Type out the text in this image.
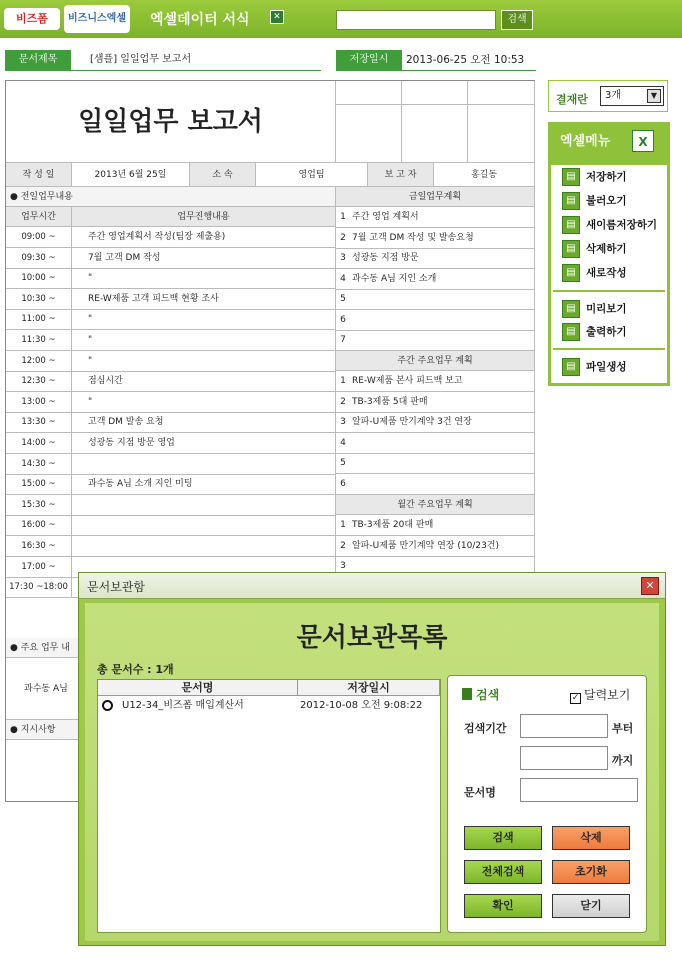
비즈폼	비즈니스엑셀 엑셀데이터 서식	✕	검색
문서제목	[샘플] 일일업무 보고서	저장일시	2013-06-25 오전 10:53
일일업무 보고서
작 성 일	2013년 6월 25일	소 속	영업팀	보 고 자	홍길동
● 전일업무내용
업무시간	업무진행내용
09:00 ~	주간 영업계획서 작성(팀장 제출용)
09:30 ~	7월 고객 DM 작성
10:00 ~	"
10:30 ~	RE-W제품 고객 피드백 현황 조사
11:00 ~	"
11:30 ~	"
12:00 ~	"
12:30 ~	점심시간
13:00 ~	"
13:30 ~	고객 DM 발송 요청
14:00 ~	성광동 지점 방문 영업
14:30 ~
15:00 ~	과수동 A님 소개 지인 미팅
15:30 ~
16:00 ~
16:30 ~
17:00 ~
17:30 ~18:00
금일업무계획
1 주간 영업 계획서
2 7월 고객 DM 작성 및 발송요청
3 성광동 지점 방문
4 과수동 A님 지인 소개
5
6
7
주간 주요업무 계획
1 RE-W제품 본사 피드백 보고
2 TB-3제품 5대 판매
3 알파-U제품 만기계약 3건 연장
4
5
6
월간 주요업무 계획
1 TB-3제품 20대 판매
2 알파-U제품 만기계약 연장 (10/23건)
3
● 주요 업무 내
과수동 A님
● 지시사항
결재란	3개	▼
엑셀메뉴	X
▤ 저장하기
▤ 불러오기
▤ 새이름저장하기
▤ 삭제하기
▤ 새로작성
▤ 미리보기
▤ 출력하기
▤ 파일생성
문서보관함	✕
문서보관목록
총 문서수 : 1개
문서명	저장일시
U12-34_비즈폼 매입계산서	2012-10-08 오전 9:08:22
검색	✓ 달력보기
검색기간	부터
까지
문서명
검색	삭제
전체검색	초기화
확인	닫기
